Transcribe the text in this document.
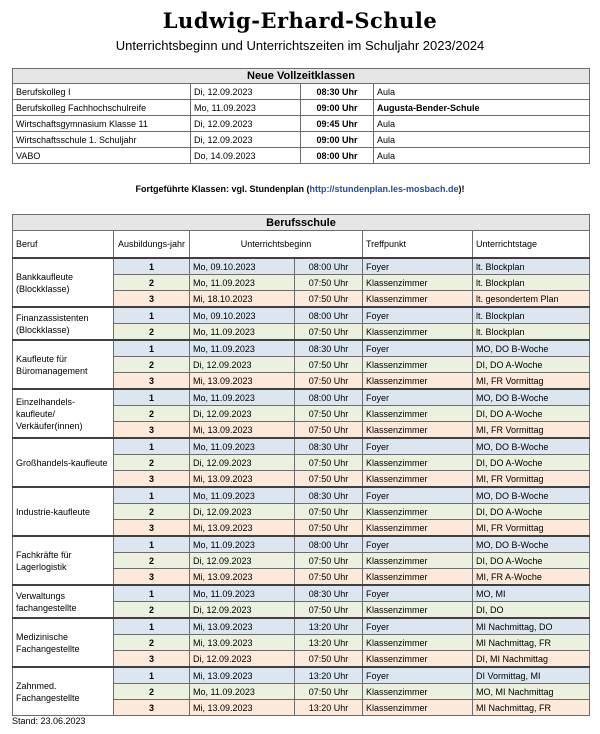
Ludwig-Erhard-Schule
Unterrichtsbeginn und Unterrichtszeiten im Schuljahr 2023/2024
Neue Vollzeitklassen			
Berufskolleg I	Di, 12.09.2023	08:30 Uhr	Aula
Berufskolleg Fachhochschulreife	Mo, 11.09.2023	09:00 Uhr	Augusta-Bender-Schule
Wirtschaftsgymnasium Klasse 11	Di, 12.09.2023	09:45 Uhr	Aula
Wirtschaftsschule 1. Schuljahr	Di, 12.09.2023	09:00 Uhr	Aula
VABO	Do, 14.09.2023	08:00 Uhr	Aula
Fortgeführte Klassen: vgl. Stundenplan (http://stundenplan.les-mosbach.de)!
Berufsschule					
Beruf	Ausbildungs-jahr	Unterrichtsbeginn		Treffpunkt	Unterrichtstage
Bankkaufleute (Blockklasse)	1	Mo, 09.10.2023	08:00 Uhr	Foyer	lt. Blockplan
	2	Mo, 11.09.2023	07:50 Uhr	Klassenzimmer	lt. Blockplan
	3	Mi, 18.10.2023	07:50 Uhr	Klassenzimmer	lt. gesondertem Plan
Finanzassistenten (Blockklasse)	1	Mo, 09.10.2023	08:00 Uhr	Foyer	lt. Blockplan
	2	Mo, 11.09.2023	07:50 Uhr	Klassenzimmer	lt. Blockplan
Kaufleute für Büromanagement	1	Mo, 11.09.2023	08:30 Uhr	Foyer	MO, DO B-Woche
	2	Di, 12.09.2023	07:50 Uhr	Klassenzimmer	DI, DO A-Woche
	3	Mi, 13.09.2023	07:50 Uhr	Klassenzimmer	MI, FR Vormittag
Einzelhandels-kaufleute/ Verkäufer(innen)	1	Mo, 11.09.2023	08:00 Uhr	Foyer	MO, DO B-Woche
	2	Di, 12.09.2023	07:50 Uhr	Klassenzimmer	DI, DO A-Woche
	3	Mi, 13.09.2023	07:50 Uhr	Klassenzimmer	MI, FR Vormittag
Großhandels-kaufleute	1	Mo, 11.09.2023	08:30 Uhr	Foyer	MO, DO B-Woche
	2	Di, 12.09.2023	07:50 Uhr	Klassenzimmer	DI, DO A-Woche
	3	Mi, 13.09.2023	07:50 Uhr	Klassenzimmer	MI, FR Vormittag
Industrie-kaufleute	1	Mo, 11.09.2023	08:30 Uhr	Foyer	MO, DO B-Woche
	2	Di, 12.09.2023	07:50 Uhr	Klassenzimmer	DI, DO A-Woche
	3	Mi, 13.09.2023	07:50 Uhr	Klassenzimmer	MI, FR Vormittag
Fachkräfte für Lagerlogistik	1	Mo, 11.09.2023	08:00 Uhr	Foyer	MO, DO B-Woche
	2	Di, 12.09.2023	07:50 Uhr	Klassenzimmer	DI, DO A-Woche
	3	Mi, 13.09.2023	07:50 Uhr	Klassenzimmer	MI, FR A-Woche
Verwaltungs fachangestellte	1	Mo, 11.09.2023	08:30 Uhr	Foyer	MO, MI
	2	Di, 12.09.2023	07:50 Uhr	Klassenzimmer	DI, DO
Medizinische Fachangestellte	1	Mi, 13.09.2023	13:20 Uhr	Foyer	MI Nachmittag, DO
	2	Mi, 13.09.2023	13:20 Uhr	Klassenzimmer	MI Nachmittag, FR
	3	Di, 12.09.2023	07:50 Uhr	Klassenzimmer	DI, MI Nachmittag
Zahnmed. Fachangestellte	1	Mi, 13.09.2023	13:20 Uhr	Foyer	DI Vormittag, MI
	2	Mo, 11.09.2023	07:50 Uhr	Klassenzimmer	MO, MI Nachmittag
	3	Mi, 13.09.2023	13:20 Uhr	Klassenzimmer	MI Nachmittag, FR
Stand: 23.06.2023
